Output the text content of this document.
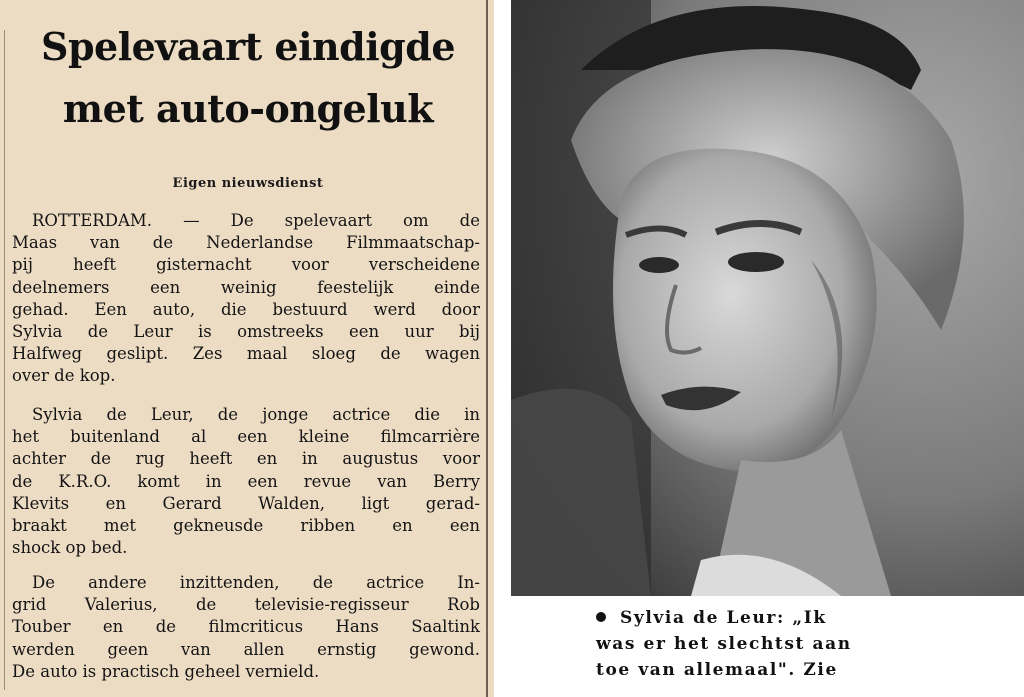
Spelevaart eindigde
met auto-ongeluk
Eigen nieuwsdienst
ROTTERDAM. — De spelevaart om de
Maas van de Nederlandse Filmmaatschap-
pij heeft gisternacht voor verscheidene
deelnemers een weinig feestelijk einde
gehad. Een auto, die bestuurd werd door
Sylvia de Leur is omstreeks een uur bij
Halfweg geslipt. Zes maal sloeg de wagen
over de kop.
Sylvia de Leur, de jonge actrice die in
het buitenland al een kleine filmcarrière
achter de rug heeft en in augustus voor
de K.R.O. komt in een revue van Berry
Klevits en Gerard Walden, ligt gerad-
braakt met gekneusde ribben en een
shock op bed.
De andere inzittenden, de actrice In-
grid Valerius, de televisie-regisseur Rob
Touber en de filmcriticus Hans Saaltink
werden geen van allen ernstig gewond.
De auto is practisch geheel vernield.
Sylvia de Leur: „Ik
was er het slechtst aan
toe van allemaal". Zie
